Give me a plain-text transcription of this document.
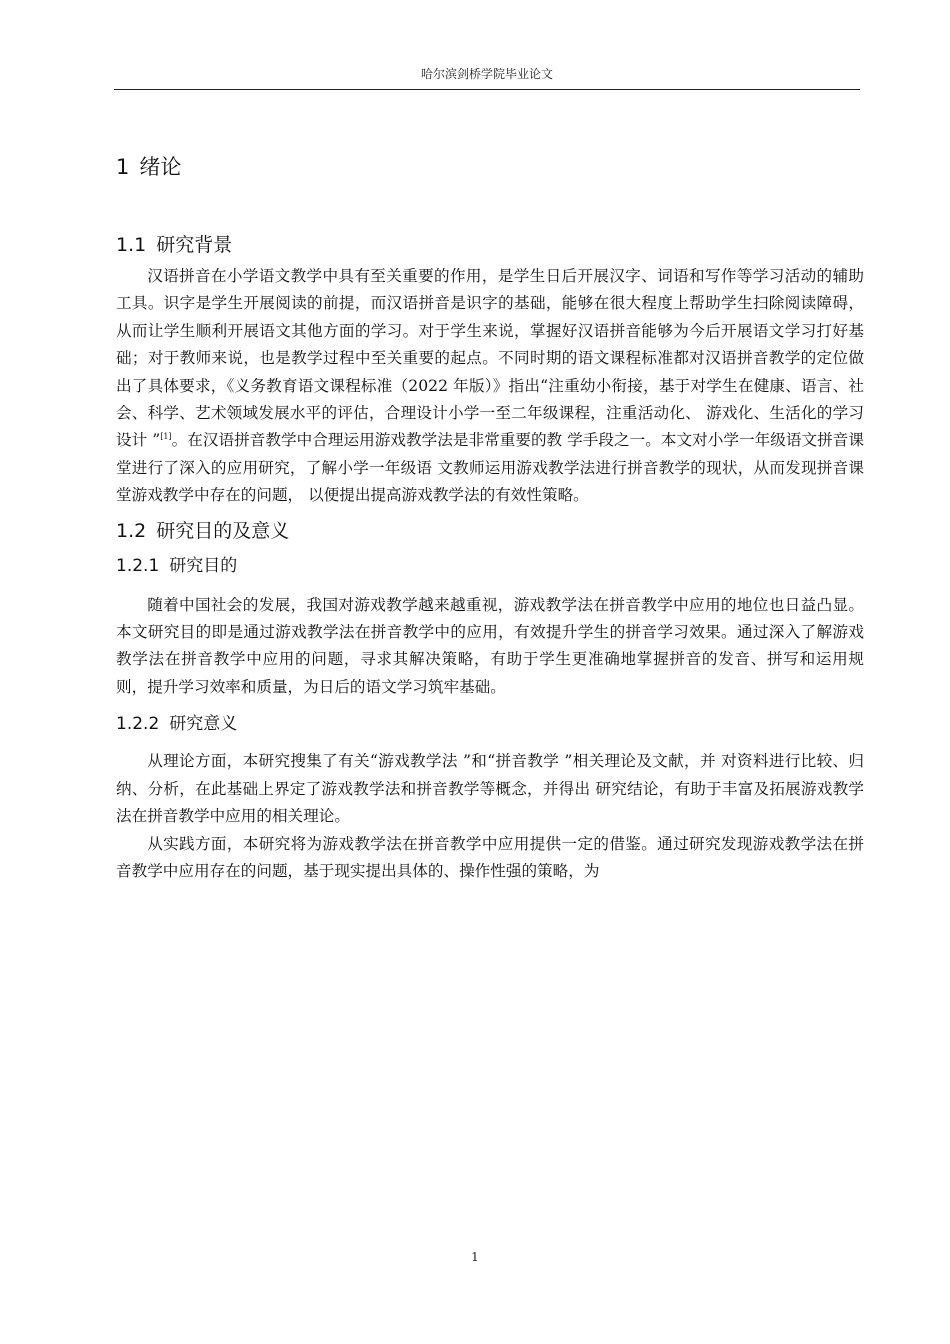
哈尔滨剑桥学院毕业论文
1 绪论
1.1 研究背景

汉语拼音在小学语文教学中具有至关重要的作用，是学生日后开展汉字、词语和写作等学习活动的辅助工具。识字是学生开展阅读的前提，而汉语拼音是识字的基础，能够在很大程度上帮助学生扫除阅读障碍，从而让学生顺利开展语文其他方面的学习。对于学生来说，掌握好汉语拼音能够为今后开展语文学习打好基础；对于教师来说，也是教学过程中至关重要的起点。不同时期的语文课程标准都对汉语拼音教学的定位做出了具体要求，《义务教育语文课程标准（2022 年版）》指出“注重幼小衔接，基于对学生在健康、语言、社会、科学、艺术领域发展水平的评估，合理设计小学一至二年级课程，注重活动化、 游戏化、生活化的学习设计 ”[1]。在汉语拼音教学中合理运用游戏教学法是非常重要的教 学手段之一。本文对小学一年级语文拼音课堂进行了深入的应用研究，了解小学一年级语 文教师运用游戏教学法进行拼音教学的现状，从而发现拼音课堂游戏教学中存在的问题， 以便提出提高游戏教学法的有效性策略。

1.2 研究目的及意义
1.2.1 研究目的

随着中国社会的发展，我国对游戏教学越来越重视，游戏教学法在拼音教学中应用的地位也日益凸显。本文研究目的即是通过游戏教学法在拼音教学中的应用，有效提升学生的拼音学习效果。通过深入了解游戏教学法在拼音教学中应用的问题，寻求其解决策略，有助于学生更准确地掌握拼音的发音、拼写和运用规则，提升学习效率和质量，为日后的语文学习筑牢基础。

1.2.2 研究意义

从理论方面，本研究搜集了有关“游戏教学法 ”和“拼音教学 ”相关理论及文献，并 对资料进行比较、归纳、分析，在此基础上界定了游戏教学法和拼音教学等概念，并得出 研究结论，有助于丰富及拓展游戏教学法在拼音教学中应用的相关理论。

从实践方面，本研究将为游戏教学法在拼音教学中应用提供一定的借鉴。通过研究发现游戏教学法在拼音教学中应用存在的问题，基于现实提出具体的、操作性强的策略，为

1
